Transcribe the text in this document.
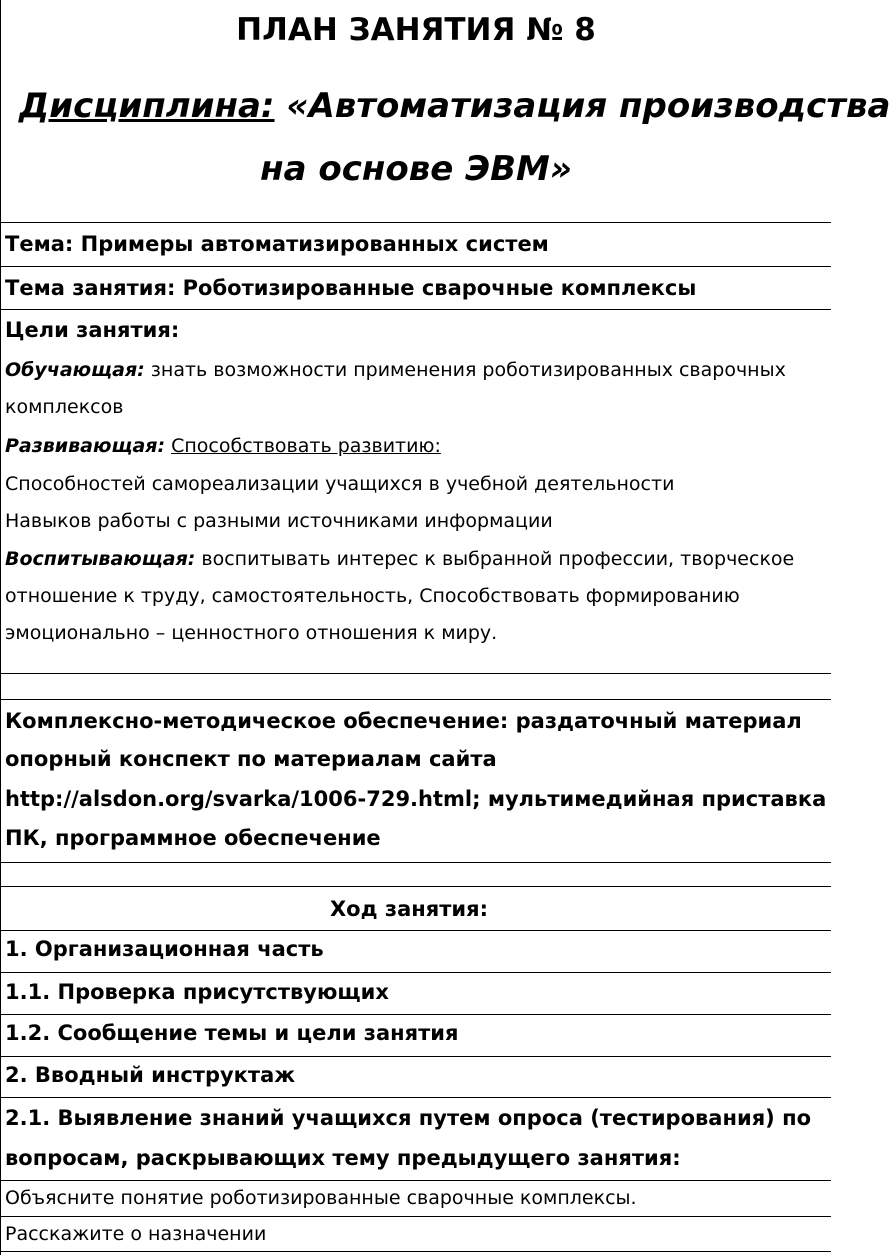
ПЛАН ЗАНЯТИЯ № 8
Дисциплина: «Автоматизация производства
на основе ЭВМ»
Тема: Примеры автоматизированных систем
Тема занятия: Роботизированные сварочные комплексы
Цели занятия:
Обучающая: знать возможности применения роботизированных сварочных
комплексов
Развивающая: Способствовать развитию:
Способностей самореализации учащихся в учебной деятельности
Навыков работы с разными источниками информации
Воспитывающая: воспитывать интерес к выбранной профессии, творческое
отношение к труду, самостоятельность, Способствовать формированию
эмоционально – ценностного отношения к миру.
Комплексно-методическое обеспечение: раздаточный материал
опорный конспект по материалам сайта
http://alsdon.org/svarka/1006-729.html; мультимедийная приставка
ПК, программное обеспечение
Ход занятия:
1. Организационная часть
1.1. Проверка присутствующих
1.2. Сообщение темы и цели занятия
2. Вводный инструктаж
2.1. Выявление знаний учащихся путем опроса (тестирования) по
вопросам, раскрывающих тему предыдущего занятия:
Объясните понятие роботизированные сварочные комплексы.
Расскажите о назначении
